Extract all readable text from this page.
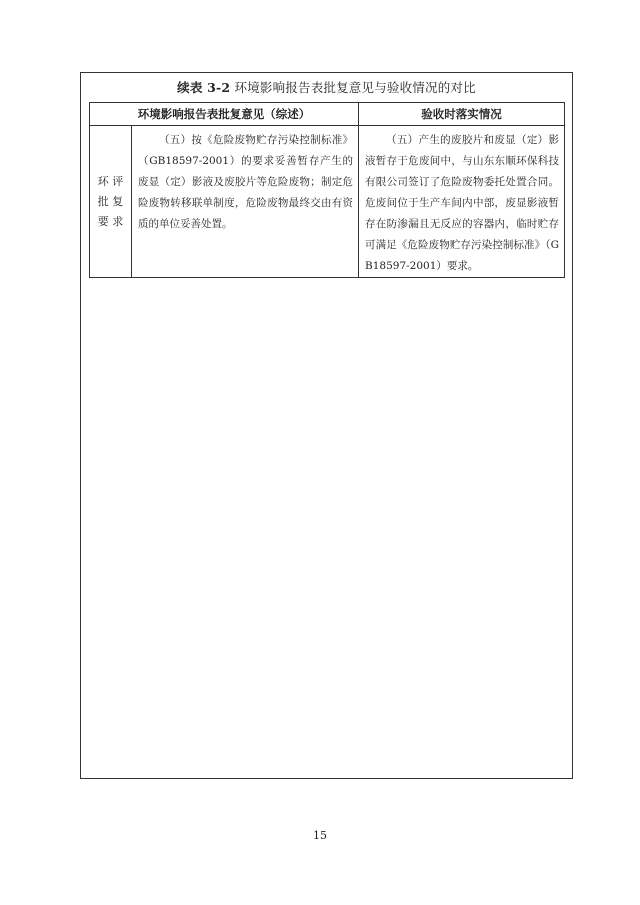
续表 3-2 环境影响报告表批复意见与验收情况的对比
环境影响报告表批复意见（综述）		验收时落实情况

环 评
批 复
要 求	（五）按《危险废物贮存污染控制标准》（GB18597-2001）的要求妥善暂存产生的废显（定）影液及废胶片等危险废物；制定危险废物转移联单制度，危险废物最终交由有资质的单位妥善处置。	（五）产生的废胶片和废显（定）影液暂存于危废间中，与山东东顺环保科技有限公司签订了危险废物委托处置合同。危废间位于生产车间内中部，废显影液暂存在防渗漏且无反应的容器内，临时贮存可满足《危险废物贮存污染控制标准》（GB18597-2001）要求。
15
